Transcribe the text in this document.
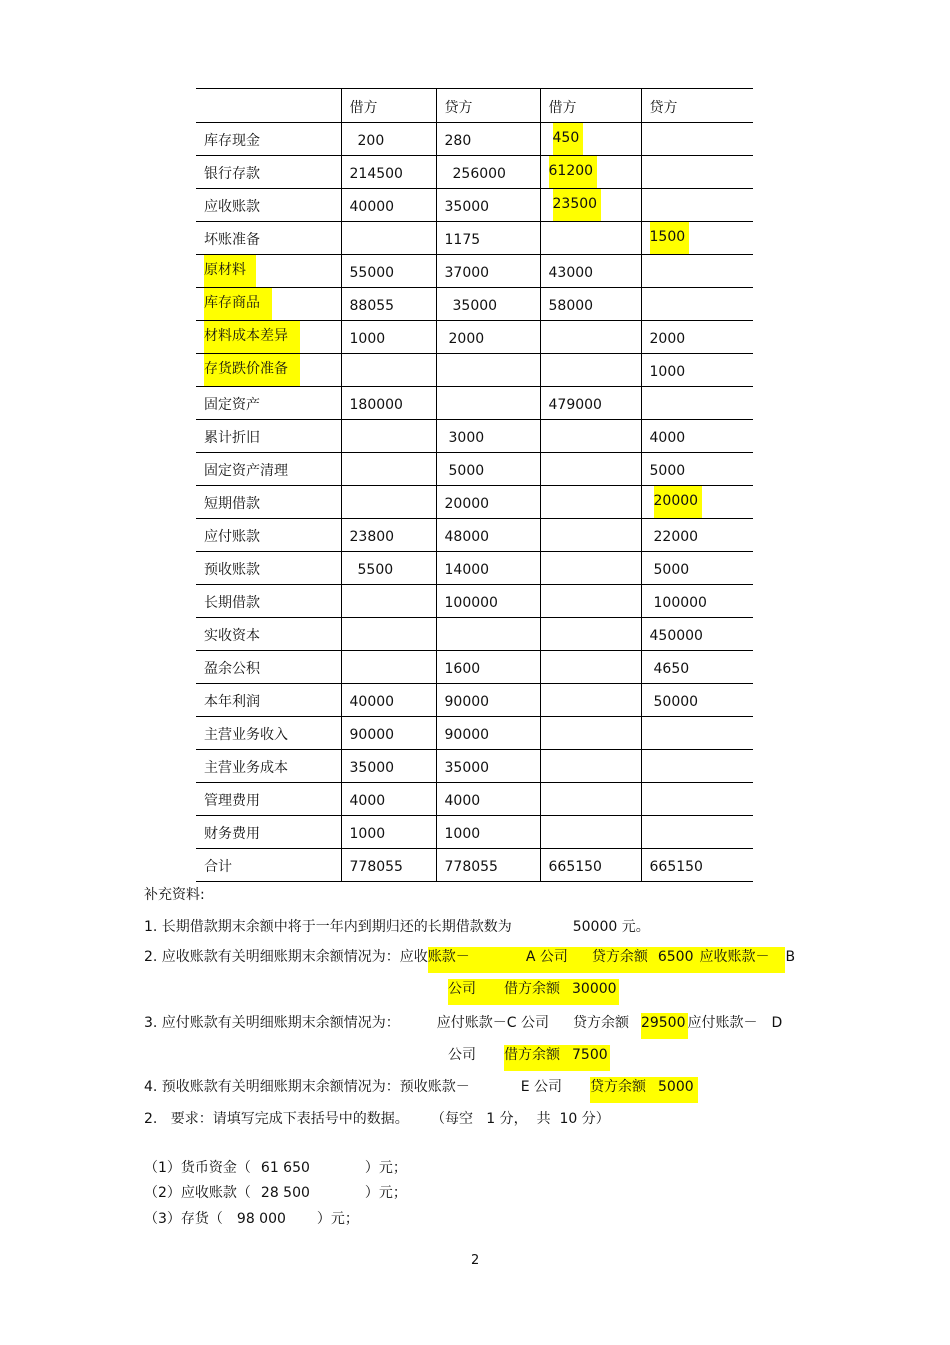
	借方	贷方	借方	贷方
库存现金	200	280	450	
银行存款	214500	256000	61200	
应收账款	40000	35000	23500	
坏账准备		1175		1500
原材料	55000	37000	43000	
库存商品	88055	35000	58000	
材料成本差异	1000	2000		2000
存货跌价准备				1000
固定资产	180000		479000	
累计折旧		3000		4000
固定资产清理		5000		5000
短期借款		20000		20000
应付账款	23800	48000		22000
预收账款	5500	14000		5000
长期借款		100000		100000
实收资本				450000
盈余公积		1600		4650
本年利润	40000	90000		50000
主营业务收入	90000	90000		
主营业务成本	35000	35000		
管理费用	4000	4000		
财务费用	1000	1000		
合计	778055	778055	665150	665150
补充资料:
1. 长期借款期末余额中将于一年内到期归还的长期借款数为	50000 元。
2. 应收账款有关明细账期末余额情况为：应收账款－	A 公司 贷方余额 6500 应收账款－ B
公司 借方余额 30000
3. 应付账款有关明细账期末余额情况为：	应付账款－C 公司 贷方余额 29500 应付账款－ D
公司 借方余额 7500
4. 预收账款有关明细账期末余额情况为：预收账款－	E 公司 贷方余额 5000
2.   要求：请填写完成下表括号中的数据。     （每空   1 分，  共  10 分）
（1）货币资金（ 61 650	）元；
（2）应收账款（ 28 500	）元；
（3）存货（ 98 000 ）元；
2
